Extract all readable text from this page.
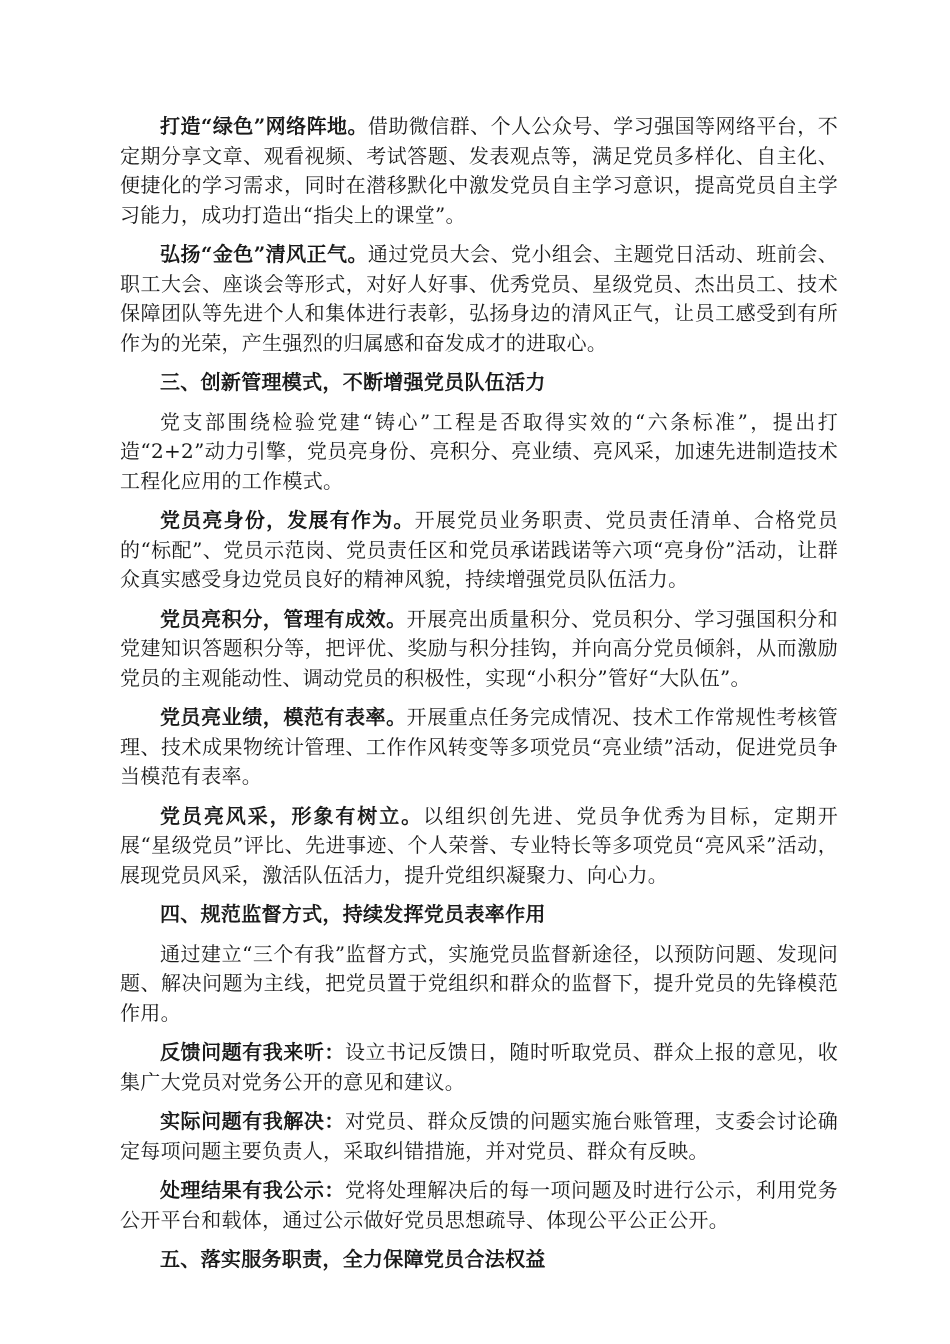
打造“绿色”网络阵地。借助微信群、个人公众号、学习强国等网络平台，不定期分享文章、观看视频、考试答题、发表观点等，满足党员多样化、自主化、便捷化的学习需求，同时在潜移默化中激发党员自主学习意识，提高党员自主学习能力，成功打造出“指尖上的课堂”。

弘扬“金色”清风正气。通过党员大会、党小组会、主题党日活动、班前会、职工大会、座谈会等形式，对好人好事、优秀党员、星级党员、杰出员工、技术保障团队等先进个人和集体进行表彰，弘扬身边的清风正气，让员工感受到有所作为的光荣，产生强烈的归属感和奋发成才的进取心。

三、创新管理模式，不断增强党员队伍活力

党支部围绕检验党建“铸心”工程是否取得实效的“六条标准”，提出打造“2+2”动力引擎，党员亮身份、亮积分、亮业绩、亮风采，加速先进制造技术工程化应用的工作模式。

党员亮身份，发展有作为。开展党员业务职责、党员责任清单、合格党员的“标配”、党员示范岗、党员责任区和党员承诺践诺等六项“亮身份”活动，让群众真实感受身边党员良好的精神风貌，持续增强党员队伍活力。

党员亮积分，管理有成效。开展亮出质量积分、党员积分、学习强国积分和党建知识答题积分等，把评优、奖励与积分挂钩，并向高分党员倾斜，从而激励党员的主观能动性、调动党员的积极性，实现“小积分”管好“大队伍”。

党员亮业绩，模范有表率。开展重点任务完成情况、技术工作常规性考核管理、技术成果物统计管理、工作作风转变等多项党员“亮业绩”活动，促进党员争当模范有表率。

党员亮风采，形象有树立。以组织创先进、党员争优秀为目标，定期开展“星级党员”评比、先进事迹、个人荣誉、专业特长等多项党员“亮风采”活动，展现党员风采，激活队伍活力，提升党组织凝聚力、向心力。

四、规范监督方式，持续发挥党员表率作用

通过建立“三个有我”监督方式，实施党员监督新途径，以预防问题、发现问题、解决问题为主线，把党员置于党组织和群众的监督下，提升党员的先锋模范作用。

反馈问题有我来听：设立书记反馈日，随时听取党员、群众上报的意见，收集广大党员对党务公开的意见和建议。

实际问题有我解决：对党员、群众反馈的问题实施台账管理，支委会讨论确定每项问题主要负责人，采取纠错措施，并对党员、群众有反映。

处理结果有我公示：党将处理解决后的每一项问题及时进行公示，利用党务公开平台和载体，通过公示做好党员思想疏导、体现公平公正公开。

五、落实服务职责，全力保障党员合法权益
